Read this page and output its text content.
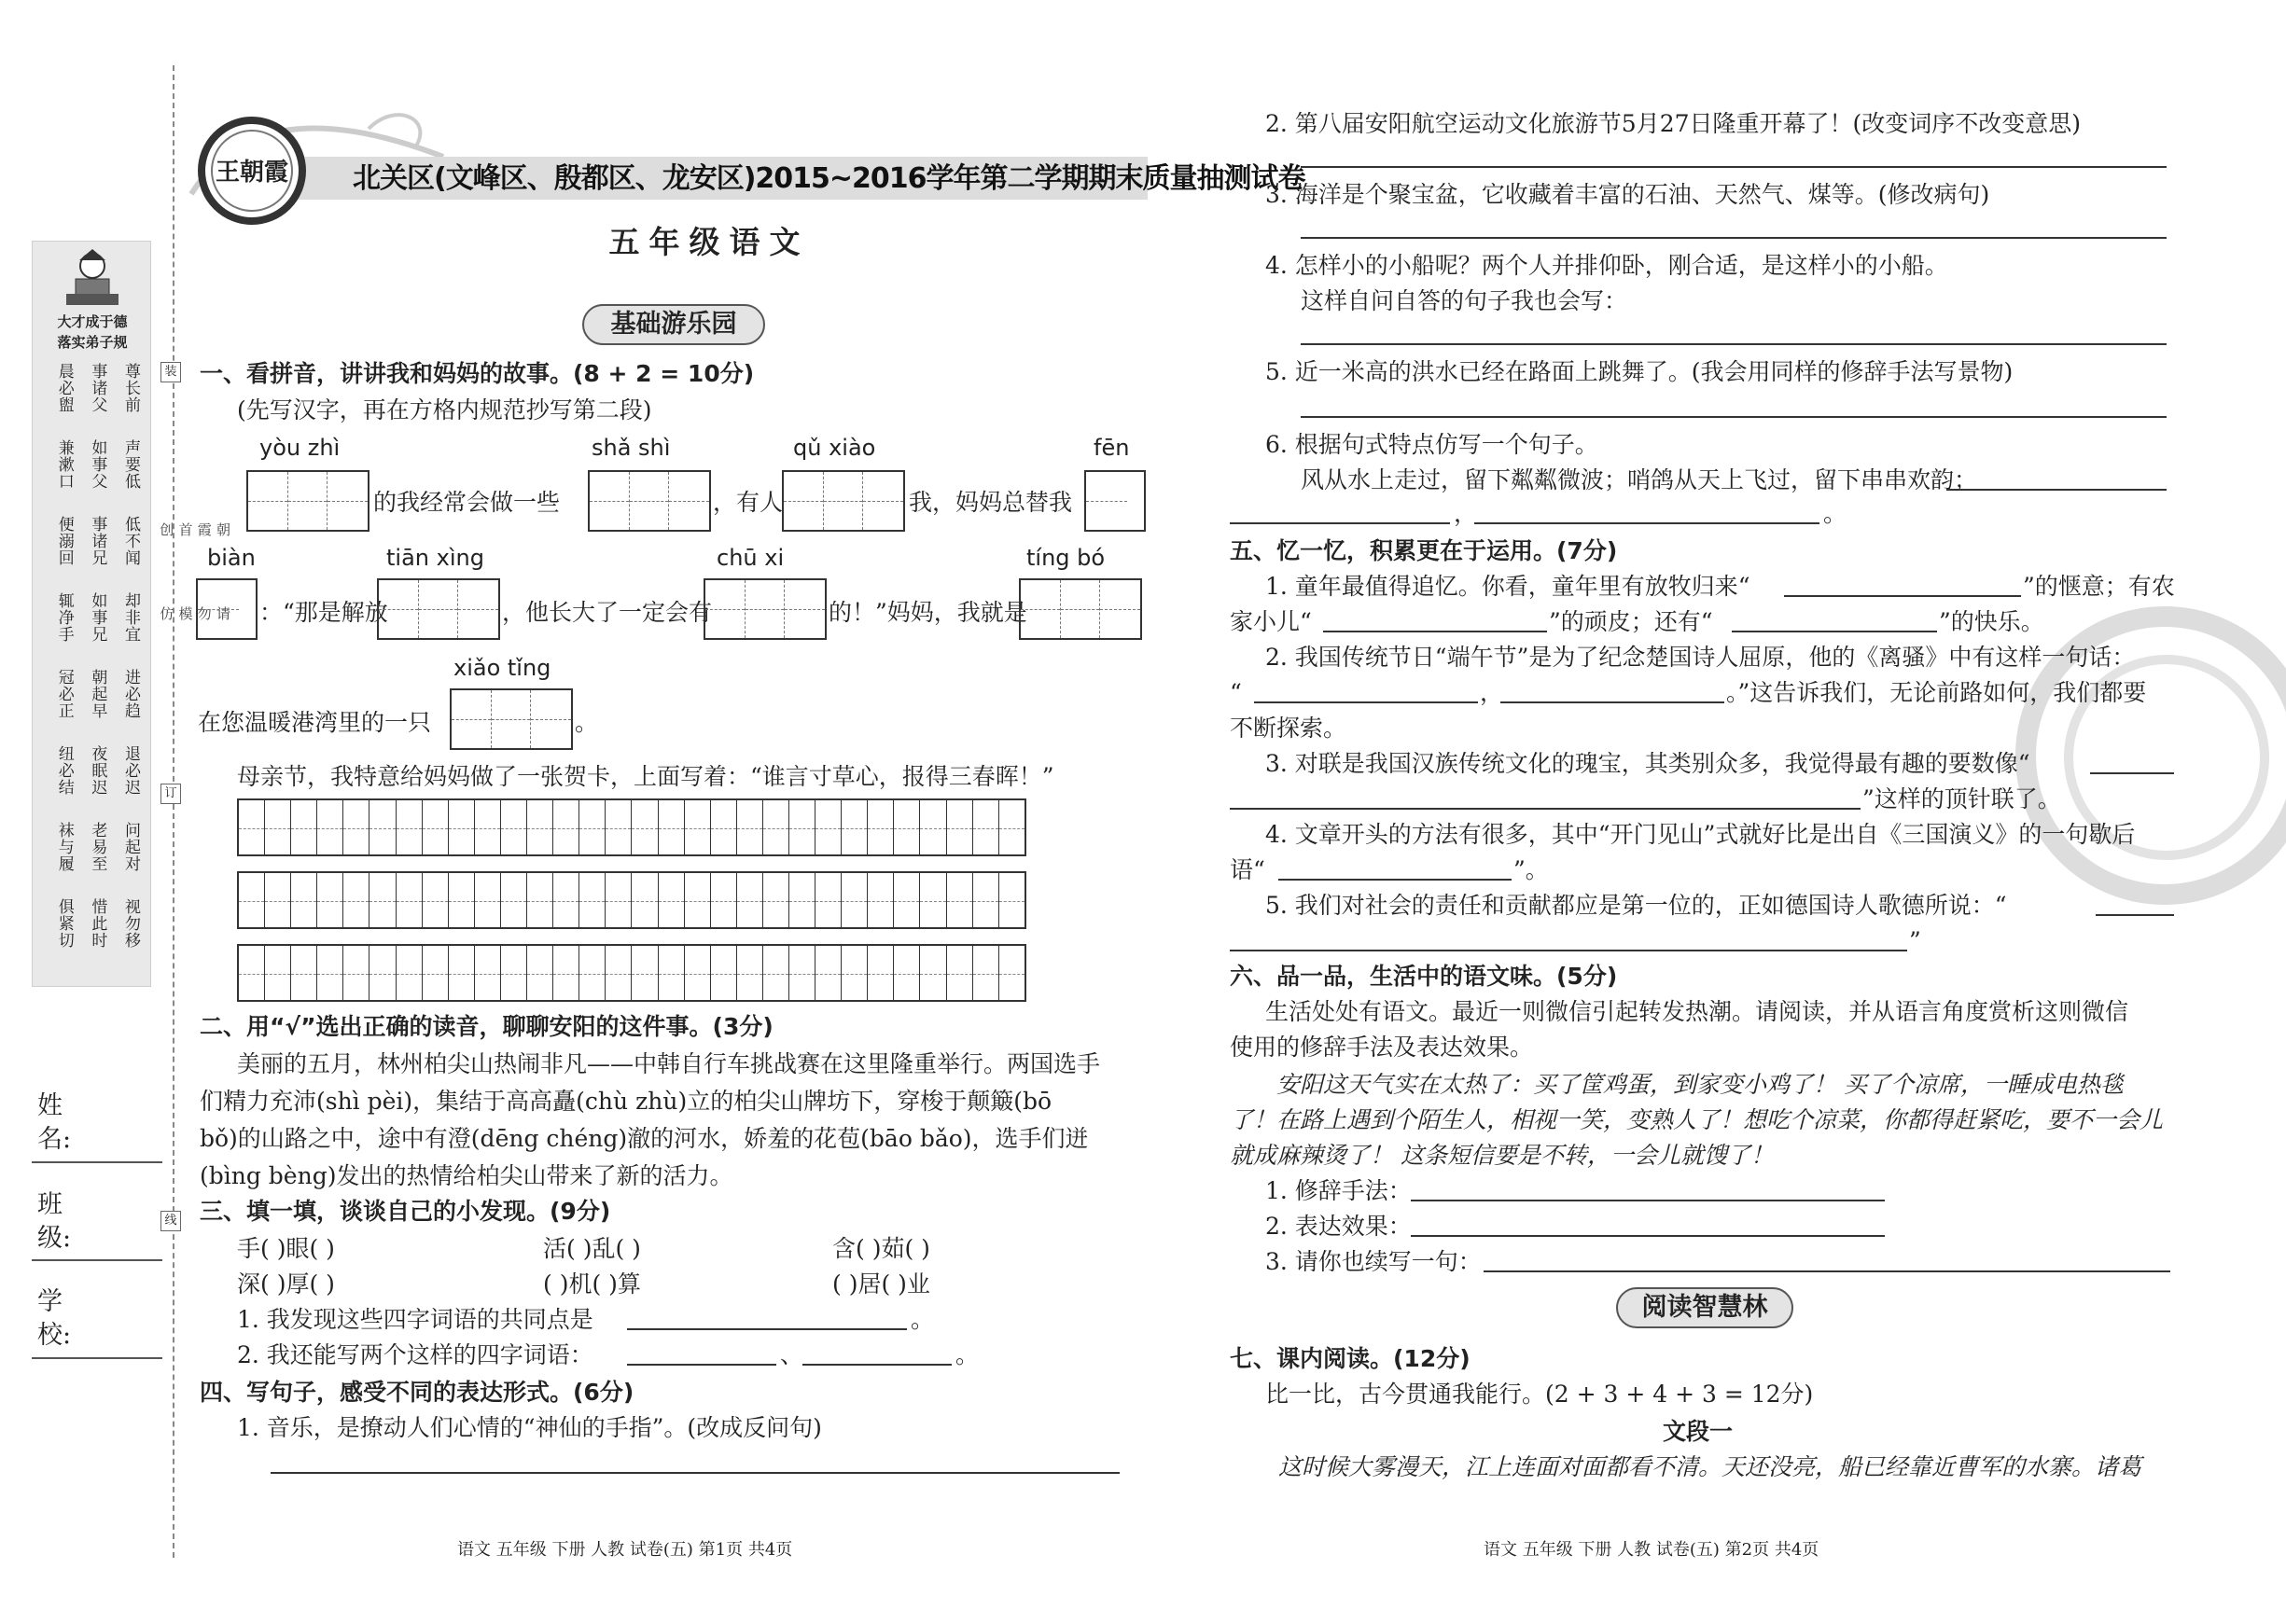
大才成于德
落实弟子规
晨必盥 事诸父 尊长前
兼漱口 如事父 声要低
便溺回 事诸兄 低不闻
辄净手 如事兄 却非宜
冠必正 朝起早 进必趋
纽必结 夜眠迟 退必迟
袜与履 老易至 问起对
俱紧切 惜此时 视勿移
朝霞首创
请勿模仿
装
订
线
姓 名:
班 级:
学 校:
北关区(文峰区、殷都区、龙安区)2015~2016学年第二学期期末质量抽测试卷
王朝霞
五年级语文
基础游乐园
一、看拼音，讲讲我和妈妈的故事。(8 + 2 = 10分)
(先写汉字，再在方格内规范抄写第二段)
yòu zhì	shǎ shì	qǔ xiào	fēn
的我经常会做一些	，有人	我，妈妈总替我
biàn	tiān xìng	chū xi	tíng bó
：“那是解放	，他长大了一定会有	的！”妈妈，我就是
xiǎo tǐng
在您温暖港湾里的一只	。
母亲节，我特意给妈妈做了一张贺卡，上面写着：“谁言寸草心，报得三春晖！”
二、用“√”选出正确的读音，聊聊安阳的这件事。(3分)
美丽的五月，林州柏尖山热闹非凡——中韩自行车挑战赛在这里隆重举行。两国选手
们精力充沛(shì pèi)，集结于高高矗(chù zhù)立的柏尖山牌坊下，穿梭于颠簸(bō
bǒ)的山路之中，途中有澄(dēng chéng)澈的河水，娇羞的花苞(bāo bǎo)，选手们迸
(bìng bèng)发出的热情给柏尖山带来了新的活力。
三、填一填，谈谈自己的小发现。(9分)
手( )眼( )	活( )乱( )	含( )茹( )
深( )厚( )	( )机( )算	( )居( )业
1. 我发现这些四字词语的共同点是	。
2. 我还能写两个这样的四字词语：	、	。
四、写句子，感受不同的表达形式。(6分)
1. 音乐，是撩动人们心情的“神仙的手指”。(改成反问句)
语文 五年级 下册 人教 试卷(五) 第1页 共4页
2. 第八届安阳航空运动文化旅游节5月27日隆重开幕了！(改变词序不改变意思)
3. 海洋是个聚宝盆，它收藏着丰富的石油、天然气、煤等。(修改病句)
4. 怎样小的小船呢？两个人并排仰卧，刚合适，是这样小的小船。
这样自问自答的句子我也会写：
5. 近一米高的洪水已经在路面上跳舞了。(我会用同样的修辞手法写景物)
6. 根据句式特点仿写一个句子。
风从水上走过，留下粼粼微波；哨鸽从天上飞过，留下串串欢韵；
，	。
五、忆一忆，积累更在于运用。(7分)
1. 童年最值得追忆。你看，童年里有放牧归来“	”的惬意；有农
家小儿“	”的顽皮；还有“	”的快乐。
2. 我国传统节日“端午节”是为了纪念楚国诗人屈原，他的《离骚》中有这样一句话：
“	，	。”这告诉我们，无论前路如何，我们都要
不断探索。
3. 对联是我国汉族传统文化的瑰宝，其类别众多，我觉得最有趣的要数像“
”这样的顶针联了。
4. 文章开头的方法有很多，其中“开门见山”式就好比是出自《三国演义》的一句歇后
语“	”。
5. 我们对社会的责任和贡献都应是第一位的，正如德国诗人歌德所说：“
”
六、品一品，生活中的语文味。(5分)
生活处处有语文。最近一则微信引起转发热潮。请阅读，并从语言角度赏析这则微信
使用的修辞手法及表达效果。
安阳这天气实在太热了：买了筐鸡蛋，到家变小鸡了！ 买了个凉席，一睡成电热毯
了！在路上遇到个陌生人，相视一笑，变熟人了！想吃个凉菜，你都得赶紧吃，要不一会儿
就成麻辣烫了！ 这条短信要是不转，一会儿就馊了！
1. 修辞手法：
2. 表达效果：
3. 请你也续写一句：
阅读智慧林
七、课内阅读。(12分)
比一比，古今贯通我能行。(2 + 3 + 4 + 3 = 12分)
文段一
这时候大雾漫天，江上连面对面都看不清。天还没亮，船已经靠近曹军的水寨。诸葛
语文 五年级 下册 人教 试卷(五) 第2页 共4页
